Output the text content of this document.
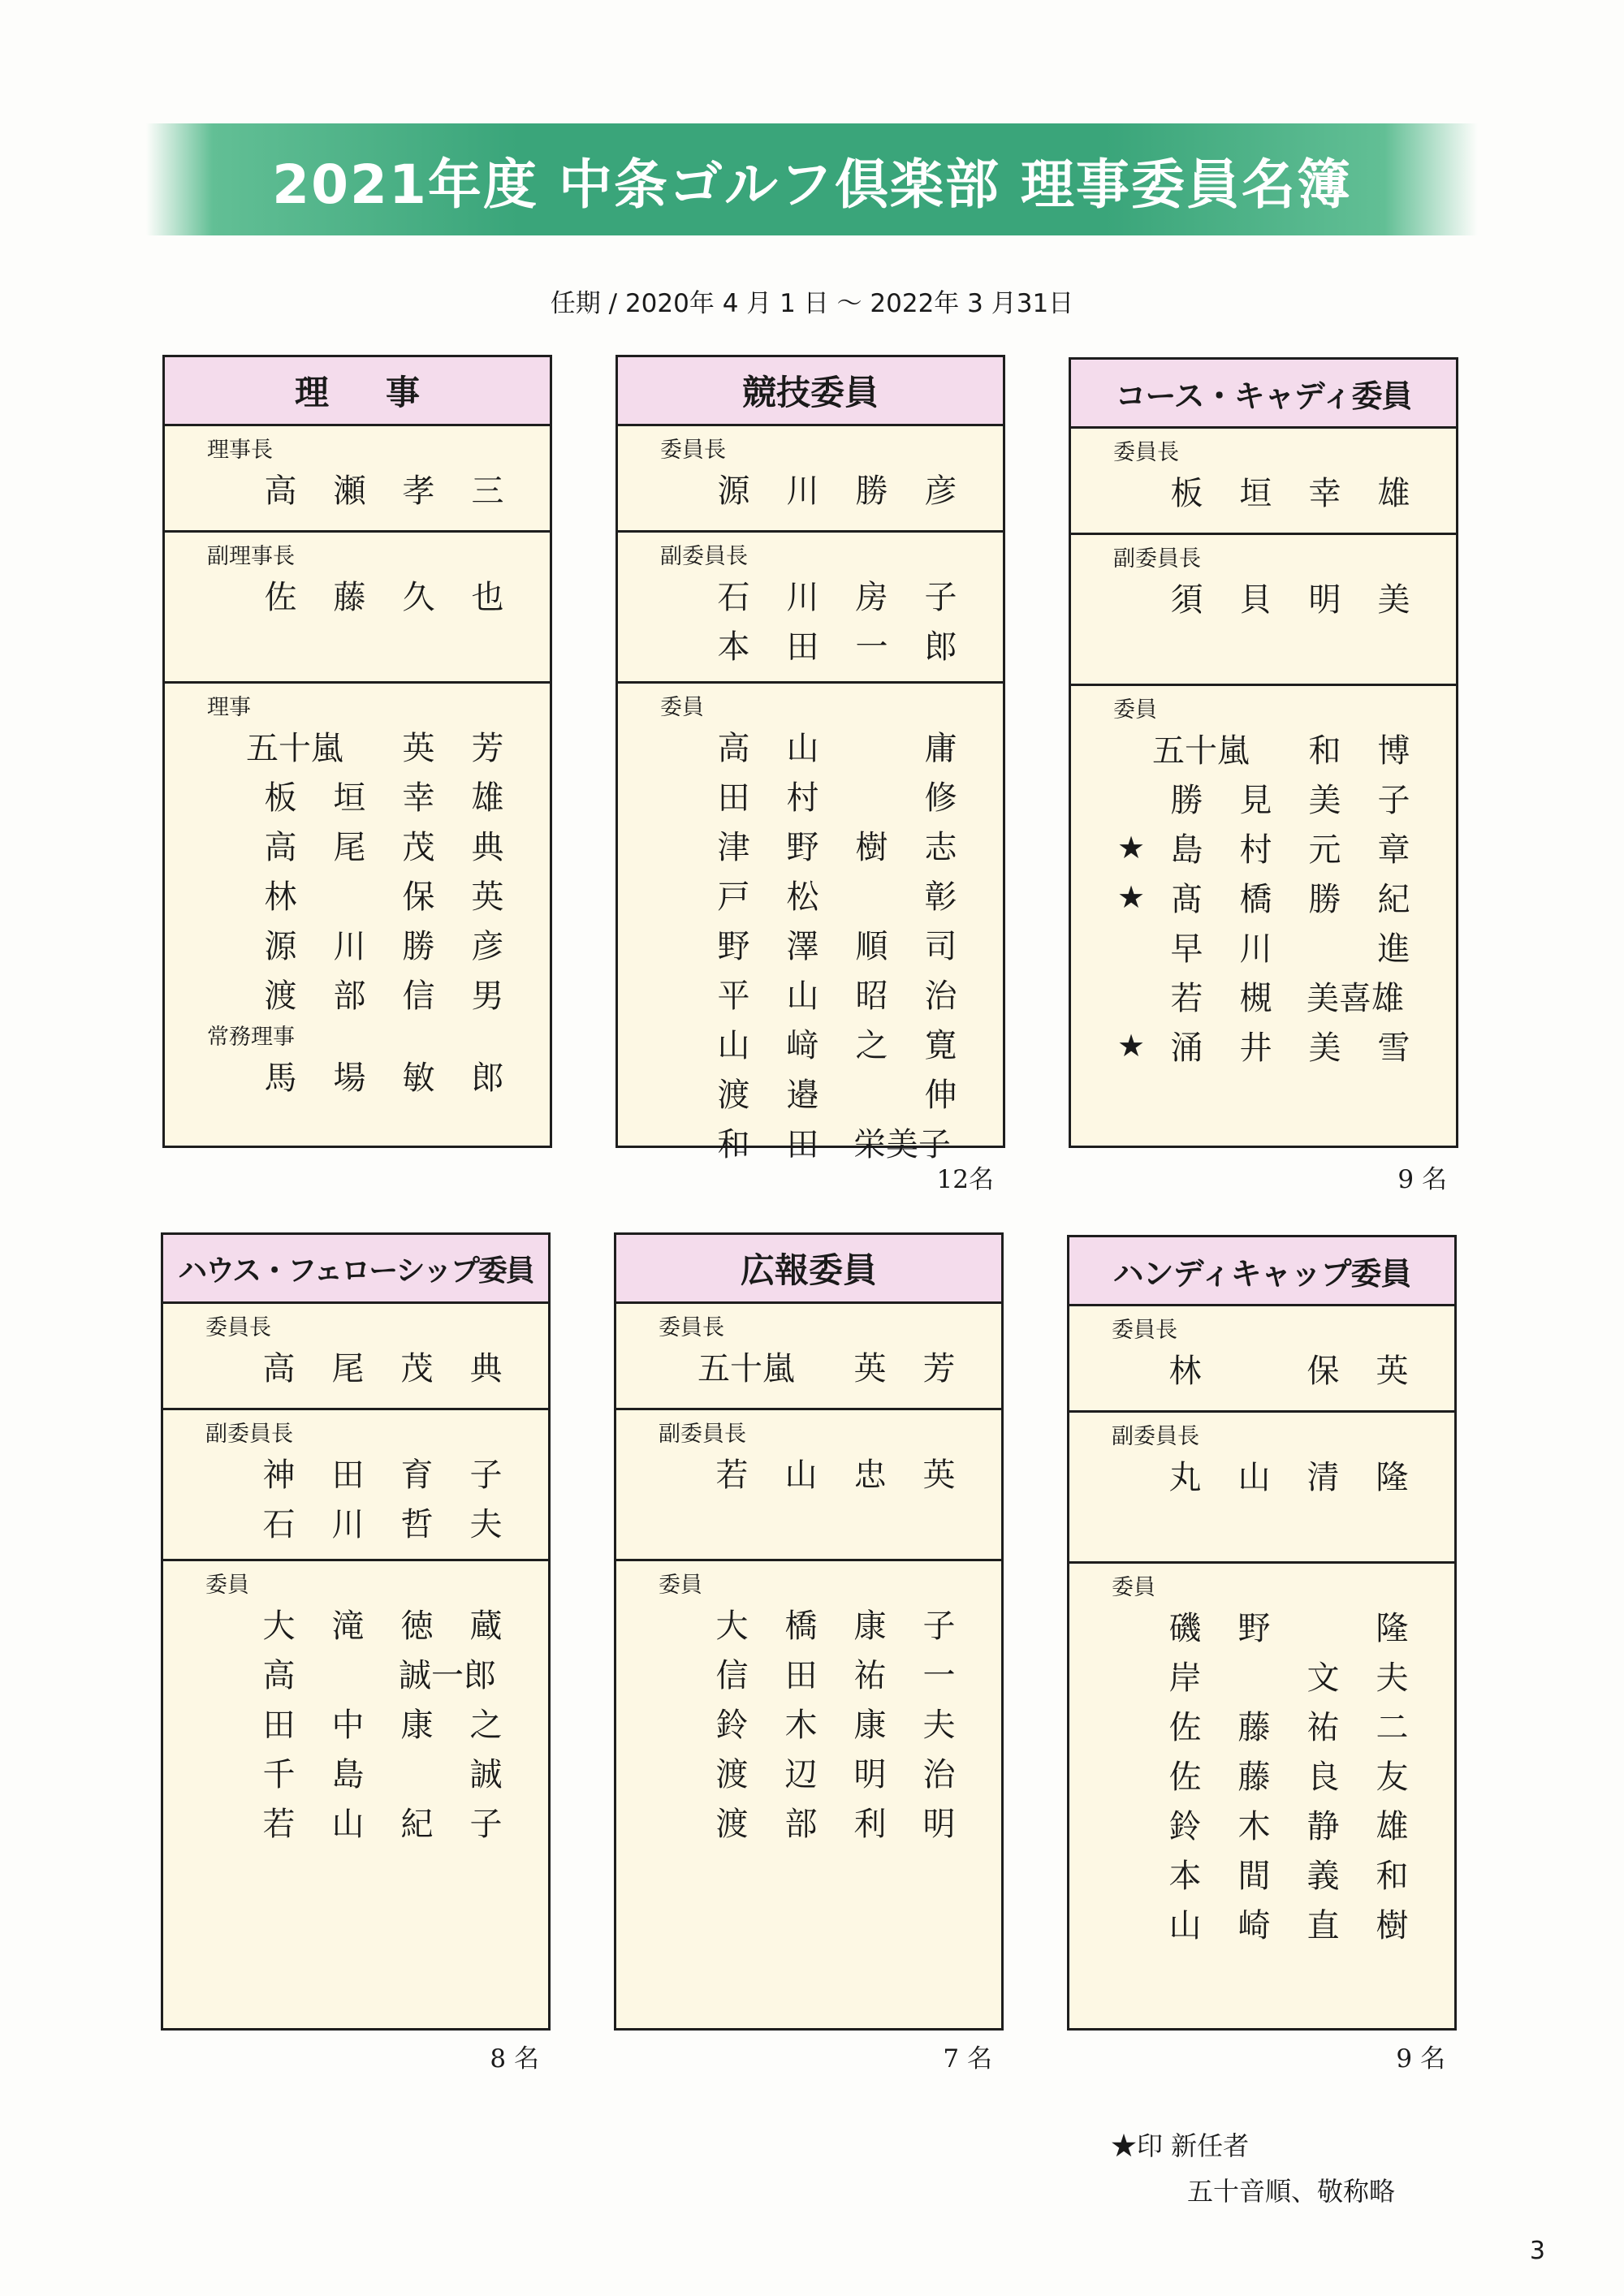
2021年度 中条ゴルフ倶楽部 理事委員名簿
任期 / 2020年 4 月 1 日 〜 2022年 3 月31日
理事
理事長
高	瀬	孝	三
副理事長
佐	藤	久	也
理事
五十嵐	英	芳
板	垣	幸	雄
高	尾	茂	典
林	保	英
源	川	勝	彦
渡	部	信	男
常務理事
馬	場	敏	郎
競技委員
委員長
源	川	勝	彦
副委員長
石	川	房	子
本	田	一	郎
委員
高	山	庸
田	村	修
津	野	樹	志
戸	松	彰
野	澤	順	司
平	山	昭	治
山	﨑	之	寛
渡	邉	伸
和	田	栄美子
12名
コース・キャディ委員
委員長
板	垣	幸	雄
副委員長
須	貝	明	美
委員
五十嵐	和	博
勝	見	美	子
★ 島	村	元	章
★ 髙	橋	勝	紀
早	川	進
若	槻	美喜雄
★ 涌	井	美	雪
9 名
ハウス・フェローシップ委員
委員長
高	尾	茂	典
副委員長
神	田	育	子
石	川	哲	夫
委員
大	滝	徳	蔵
高	誠一郎
田	中	康	之
千	島	誠
若	山	紀	子
8 名
広報委員
委員長
五十嵐	英	芳
副委員長
若	山	忠	英
委員
大	橋	康	子
信	田	祐	一
鈴	木	康	夫
渡	辺	明	治
渡	部	利	明
7 名
ハンディキャップ委員
委員長
林	保	英
副委員長
丸	山	清	隆
委員
磯	野	隆
岸	文	夫
佐	藤	祐	二
佐	藤	良	友
鈴	木	静	雄
本	間	義	和
山	崎	直	樹
9 名
★印 新任者
五十音順、敬称略
3
